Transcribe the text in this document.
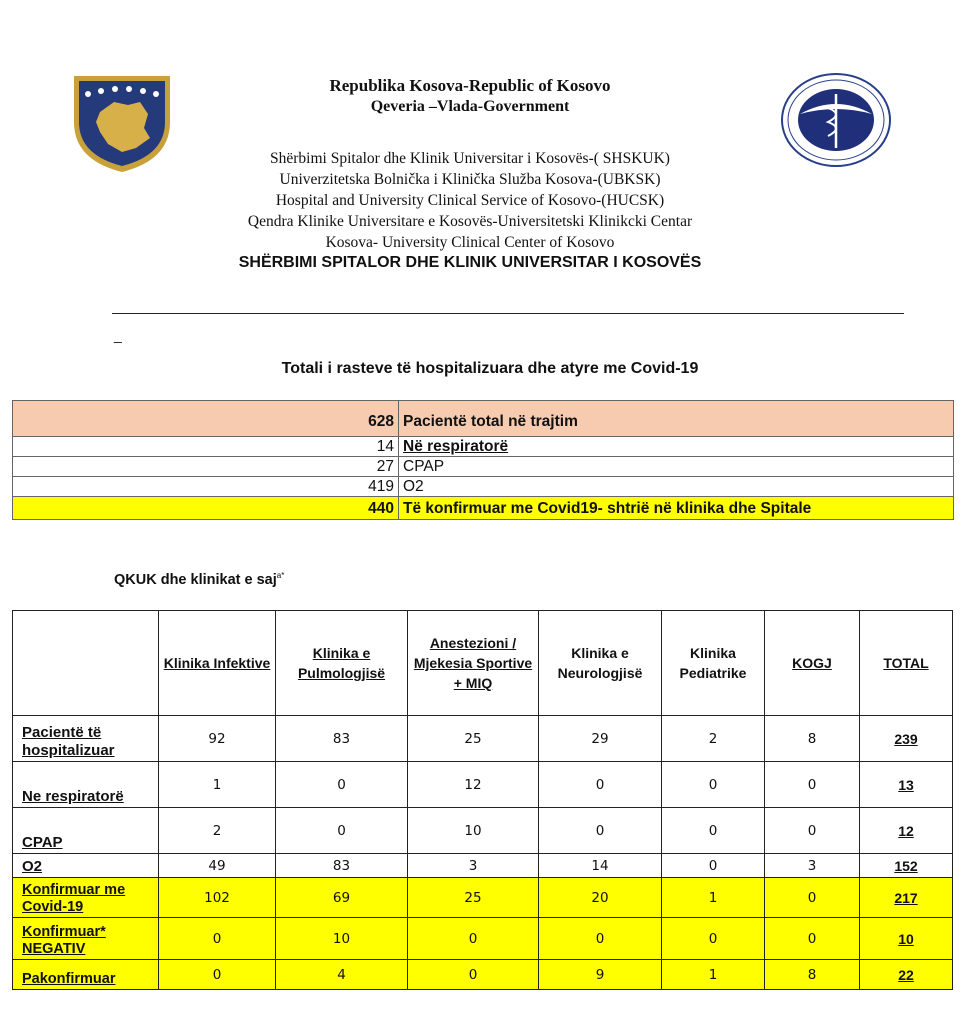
Republika Kosova-Republic of Kosovo
Qeveria –Vlada-Government
Shërbimi Spitalor dhe Klinik Universitar i Kosovës-( SHSKUK)
Univerzitetska Bolnička i Klinička Služba Kosova-(UBKSK)
Hospital and University Clinical Service of Kosovo-(HUCSK)
Qendra Klinike Universitare e Kosovës-Universitetski Klinikcki Centar
Kosova- University Clinical Center of Kosovo
SHËRBIMI SPITALOR DHE KLINIK UNIVERSITAR I KOSOVËS
_
Totali i rasteve të hospitalizuara dhe atyre me Covid-19
628	Pacientë total në trajtim
14	Në respiratorë
27	CPAP
419	O2
440	Të konfirmuar me Covid19- shtrië në klinika dhe Spitale
QKUK dhe klinikat e saj$^{a*}$
	Klinika Infektive	Klinika e Pulmologjisë	Anestezioni / Mjekesia Sportive + MIQ	Klinika e Neurologjisë	Klinika Pediatrike	KOGJ	TOTAL
Pacientë të hospitalizuar	92	83	25	29	2	8	239
Ne respiratorë	1	0	12	0	0	0	13
CPAP	2	0	10	0	0	0	12
O2	49	83	3	14	0	3	152
Konfirmuar me Covid-19	102	69	25	20	1	0	217
Konfirmuar* NEGATIV	0	10	0	0	0	0	10
Pakonfirmuar	0	4	0	9	1	8	22
